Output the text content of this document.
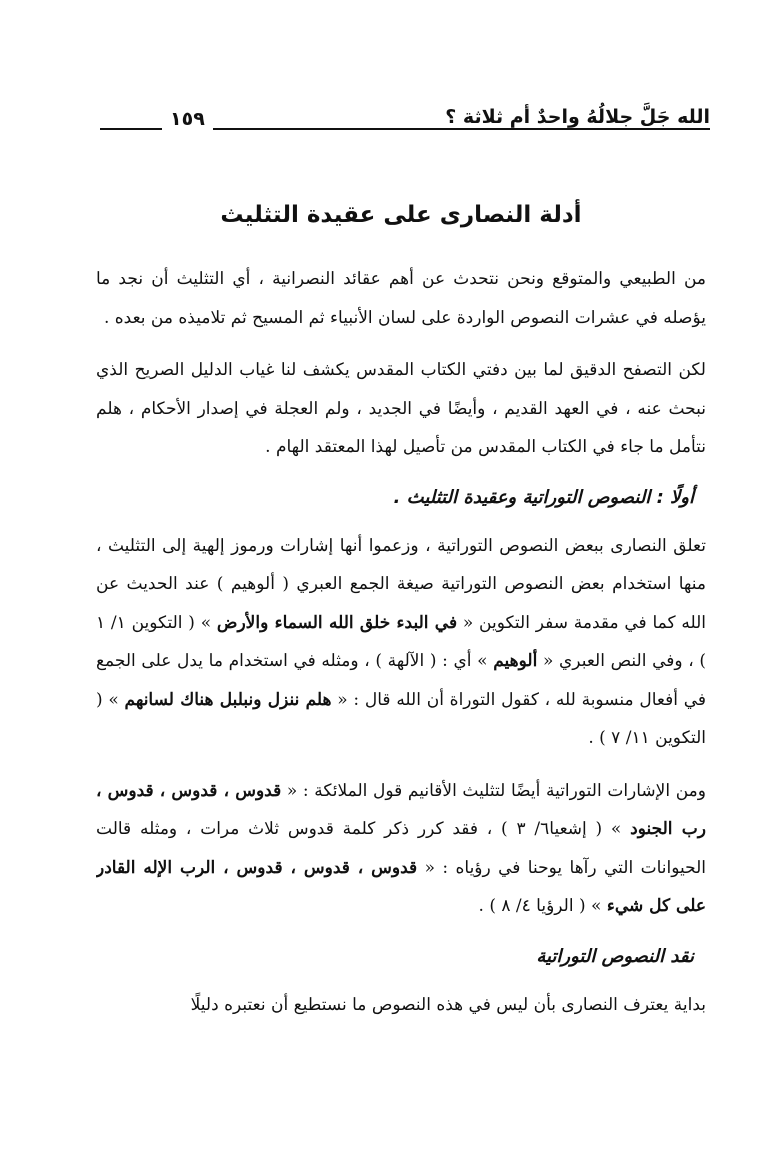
١٥٩	الله جَلَّ جلالُهُ واحدٌ أم ثلاثة ؟
أدلة النصارى على عقيدة التثليث

من الطبيعي والمتوقع ونحن نتحدث عن أهم عقائد النصرانية ، أي التثليث أن نجد ما يؤصله في عشرات النصوص الواردة على لسان الأنبياء ثم المسيح ثم تلاميذه من بعده .

لكن التصفح الدقيق لما بين دفتي الكتاب المقدس يكشف لنا غياب الدليل الصريح الذي نبحث عنه ، في العهد القديم ، وأيضًا في الجديد ، ولم العجلة في إصدار الأحكام ، هلم نتأمل ما جاء في الكتاب المقدس من تأصيل لهذا المعتقد الهام .

أولًا : النصوص التوراتية وعقيدة التثليث .

تعلق النصارى ببعض النصوص التوراتية ، وزعموا أنها إشارات ورموز إلهية إلى التثليث ، منها استخدام بعض النصوص التوراتية صيغة الجمع العبري ( ألوهيم ) عند الحديث عن الله كما في مقدمة سفر التكوين « في البدء خلق الله السماء والأرض » ( التكوين ١/ ١ ) ، وفي النص العبري « ألوهيم » أي : ( الآلهة ) ، ومثله في استخدام ما يدل على الجمع في أفعال منسوبة لله ، كقول التوراة أن الله قال : « هلم ننزل ونبلبل هناك لسانهم » ( التكوين ١١/ ٧ ) .

ومن الإشارات التوراتية أيضًا لتثليث الأقانيم قول الملائكة : « قدوس ، قدوس ، قدوس ، رب الجنود » ( إشعيا٦/ ٣ ) ، فقد كرر ذكر كلمة قدوس ثلاث مرات ، ومثله قالت الحيوانات التي رآها يوحنا في رؤياه : « قدوس ، قدوس ، قدوس ، الرب الإله القادر على كل شيء » ( الرؤيا ٤/ ٨ ) .

نقد النصوص التوراتية

بداية يعترف النصارى بأن ليس في هذه النصوص ما نستطيع أن نعتبره دليلًا
